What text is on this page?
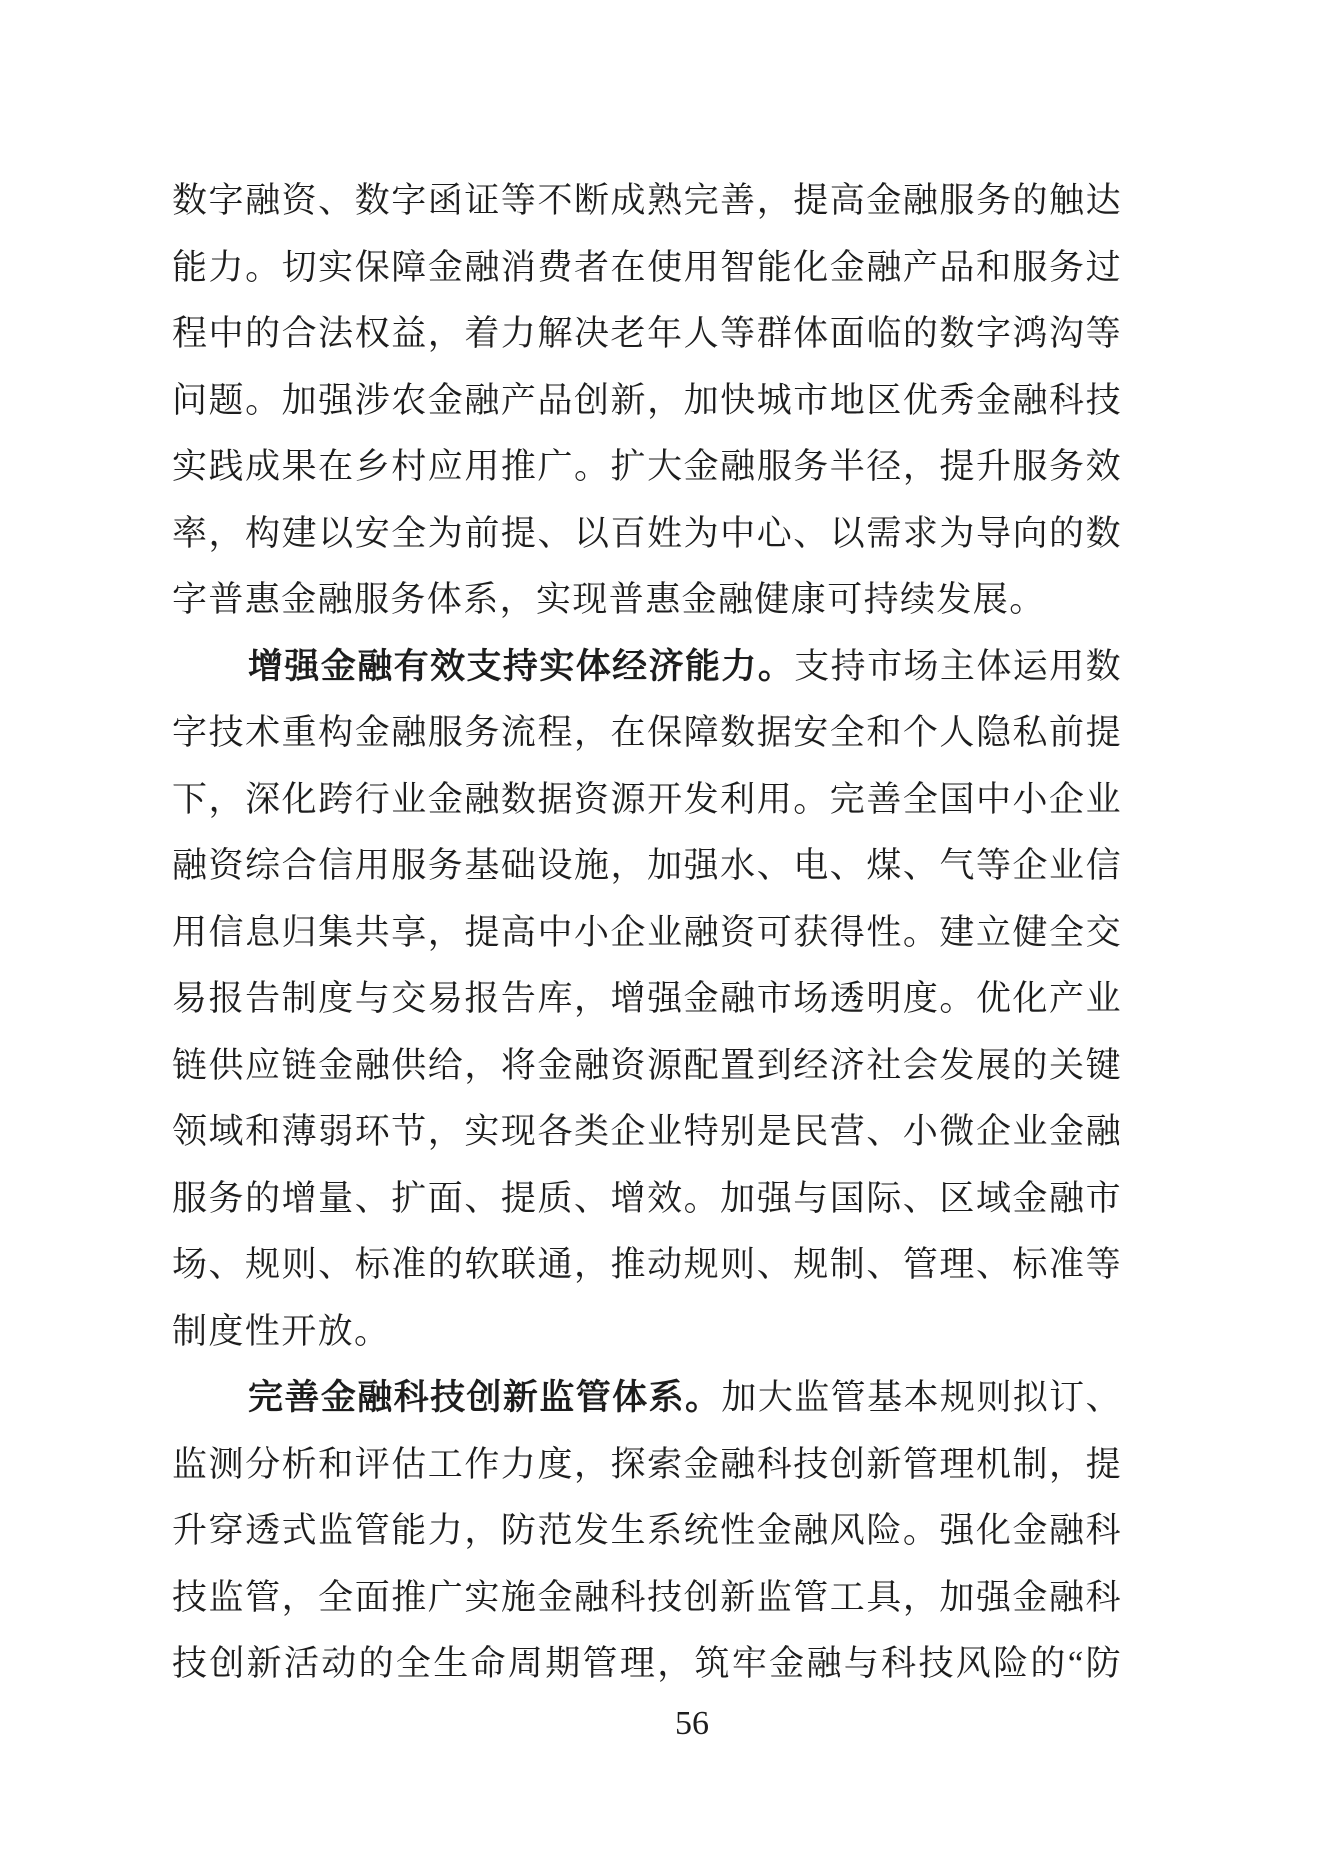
数字融资、数字函证等不断成熟完善，提高金融服务的触达
能力。切实保障金融消费者在使用智能化金融产品和服务过
程中的合法权益，着力解决老年人等群体面临的数字鸿沟等
问题。加强涉农金融产品创新，加快城市地区优秀金融科技
实践成果在乡村应用推广。扩大金融服务半径，提升服务效
率，构建以安全为前提、以百姓为中心、以需求为导向的数
字普惠金融服务体系，实现普惠金融健康可持续发展。
增强金融有效支持实体经济能力。支持市场主体运用数
字技术重构金融服务流程，在保障数据安全和个人隐私前提
下，深化跨行业金融数据资源开发利用。完善全国中小企业
融资综合信用服务基础设施，加强水、电、煤、气等企业信
用信息归集共享，提高中小企业融资可获得性。建立健全交
易报告制度与交易报告库，增强金融市场透明度。优化产业
链供应链金融供给，将金融资源配置到经济社会发展的关键
领域和薄弱环节，实现各类企业特别是民营、小微企业金融
服务的增量、扩面、提质、增效。加强与国际、区域金融市
场、规则、标准的软联通，推动规则、规制、管理、标准等
制度性开放。
完善金融科技创新监管体系。加大监管基本规则拟订、
监测分析和评估工作力度，探索金融科技创新管理机制，提
升穿透式监管能力，防范发生系统性金融风险。强化金融科
技监管，全面推广实施金融科技创新监管工具，加强金融科
技创新活动的全生命周期管理，筑牢金融与科技风险的“防
56
